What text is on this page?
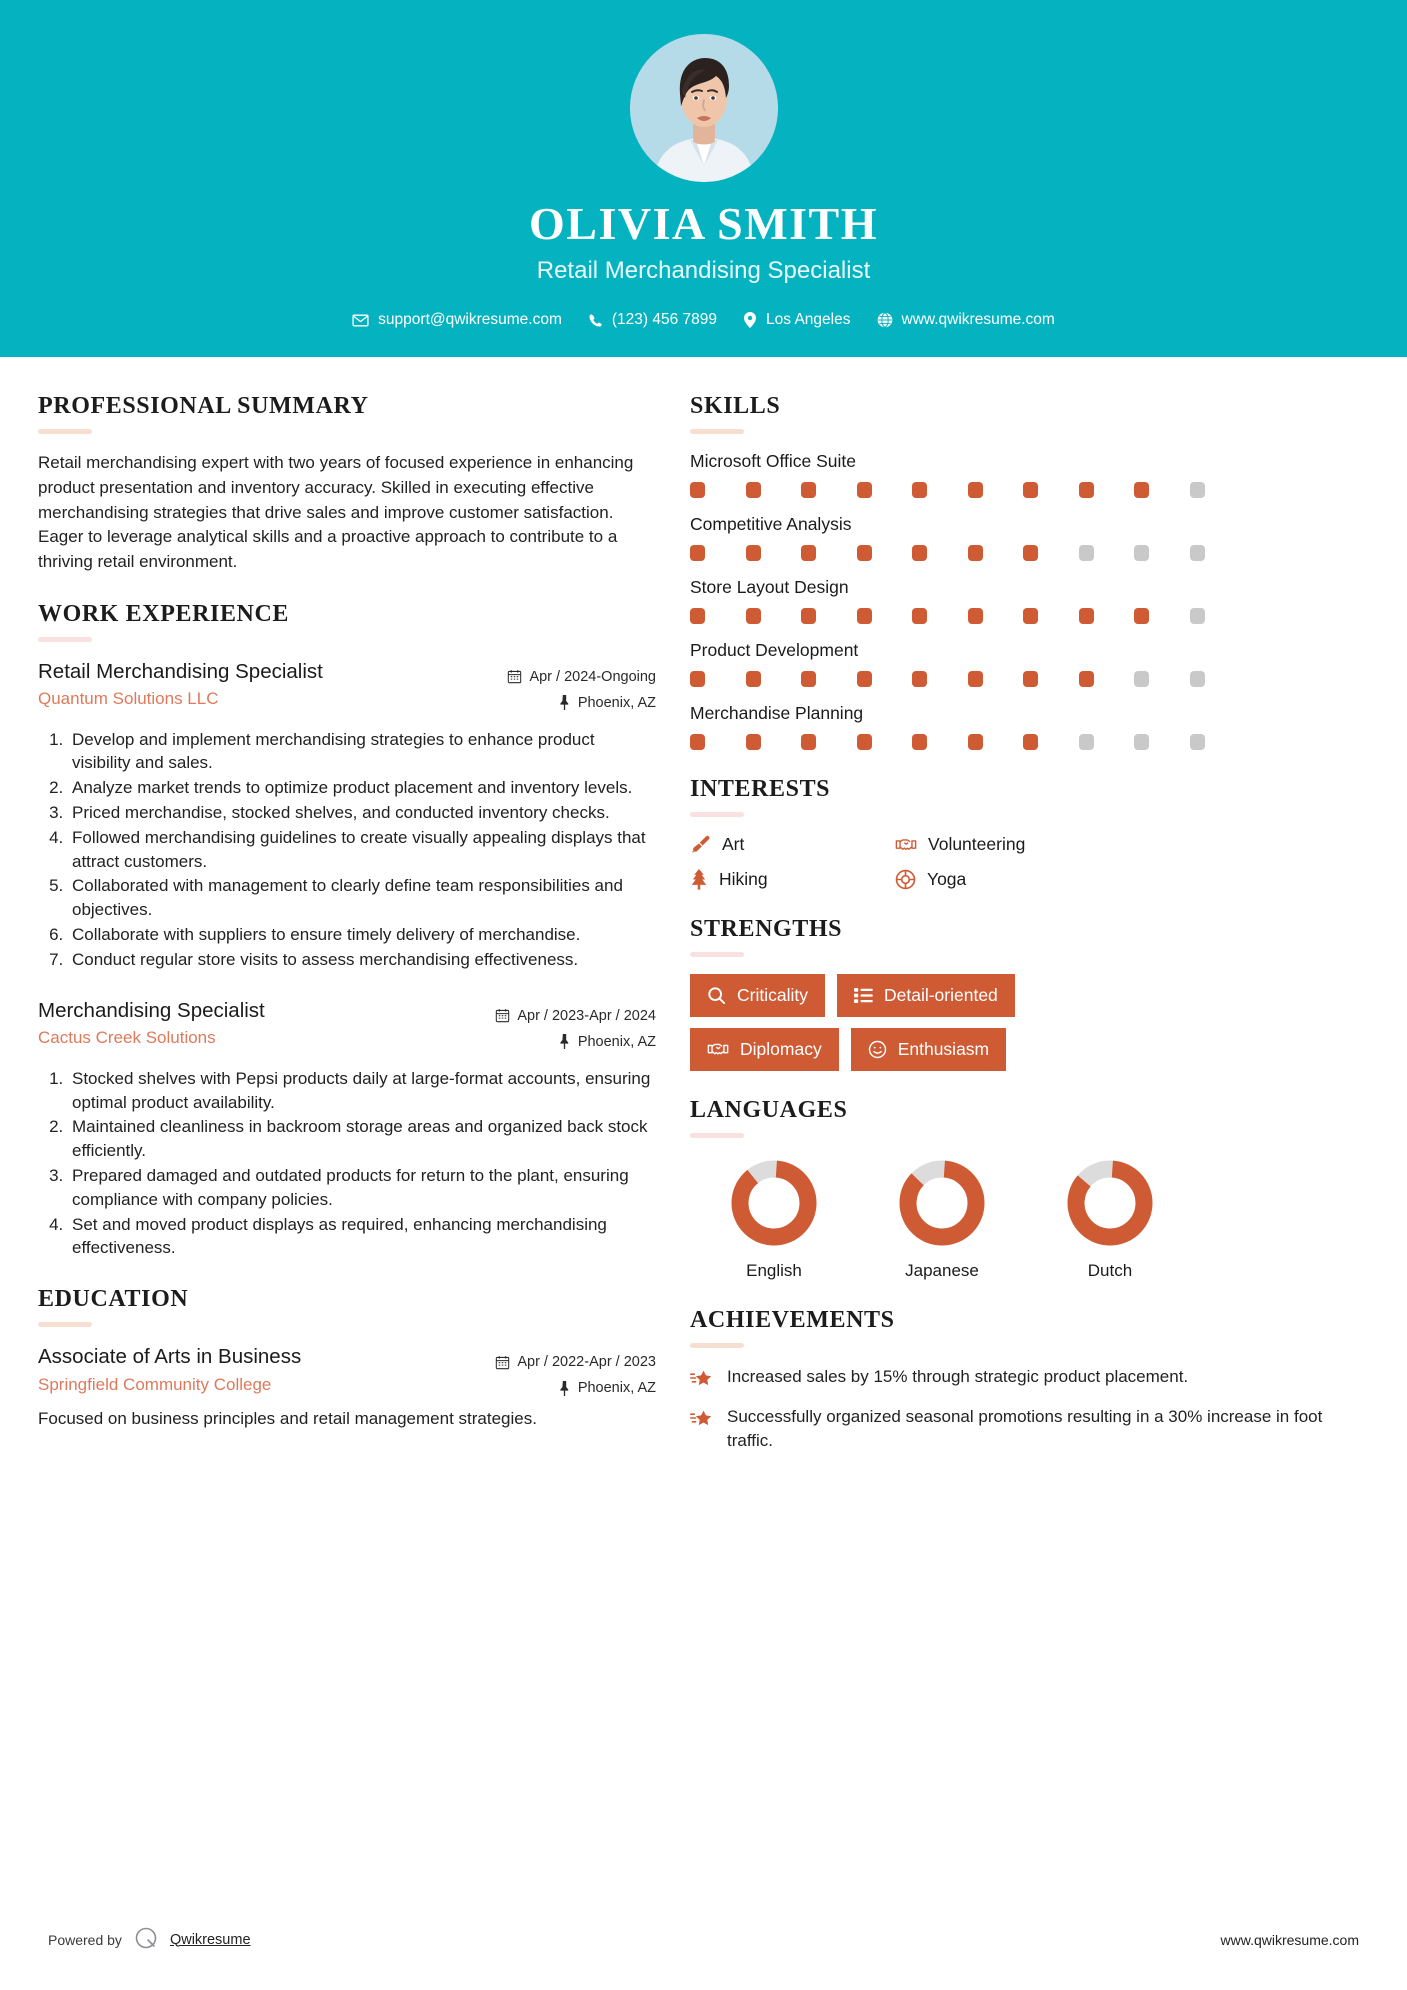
OLIVIA SMITH
Retail Merchandising Specialist
support@qwikresume.com	(123) 456 7899	Los Angeles	www.qwikresume.com
PROFESSIONAL SUMMARY
Retail merchandising expert with two years of focused experience in enhancing product presentation and inventory accuracy. Skilled in executing effective merchandising strategies that drive sales and improve customer satisfaction. Eager to leverage analytical skills and a proactive approach to contribute to a thriving retail environment.
WORK EXPERIENCE
Retail Merchandising Specialist
Quantum Solutions LLC
Apr / 2024-Ongoing
Phoenix, AZ
1. Develop and implement merchandising strategies to enhance product visibility and sales.
2. Analyze market trends to optimize product placement and inventory levels.
3. Priced merchandise, stocked shelves, and conducted inventory checks.
4. Followed merchandising guidelines to create visually appealing displays that attract customers.
5. Collaborated with management to clearly define team responsibilities and objectives.
6. Collaborate with suppliers to ensure timely delivery of merchandise.
7. Conduct regular store visits to assess merchandising effectiveness.
Merchandising Specialist
Cactus Creek Solutions
Apr / 2023-Apr / 2024
Phoenix, AZ
1. Stocked shelves with Pepsi products daily at large-format accounts, ensuring optimal product availability.
2. Maintained cleanliness in backroom storage areas and organized back stock efficiently.
3. Prepared damaged and outdated products for return to the plant, ensuring compliance with company policies.
4. Set and moved product displays as required, enhancing merchandising effectiveness.
EDUCATION
Associate of Arts in Business
Springfield Community College
Apr / 2022-Apr / 2023
Phoenix, AZ
Focused on business principles and retail management strategies.
SKILLS
Microsoft Office Suite
Competitive Analysis
Store Layout Design
Product Development
Merchandise Planning
INTERESTS
Art	Volunteering
Hiking	Yoga
STRENGTHS
Criticality	Detail-oriented
Diplomacy	Enthusiasm
LANGUAGES
English	Japanese	Dutch
ACHIEVEMENTS
Increased sales by 15% through strategic product placement.
Successfully organized seasonal promotions resulting in a 30% increase in foot traffic.
Powered by	Qwikresume	www.qwikresume.com
